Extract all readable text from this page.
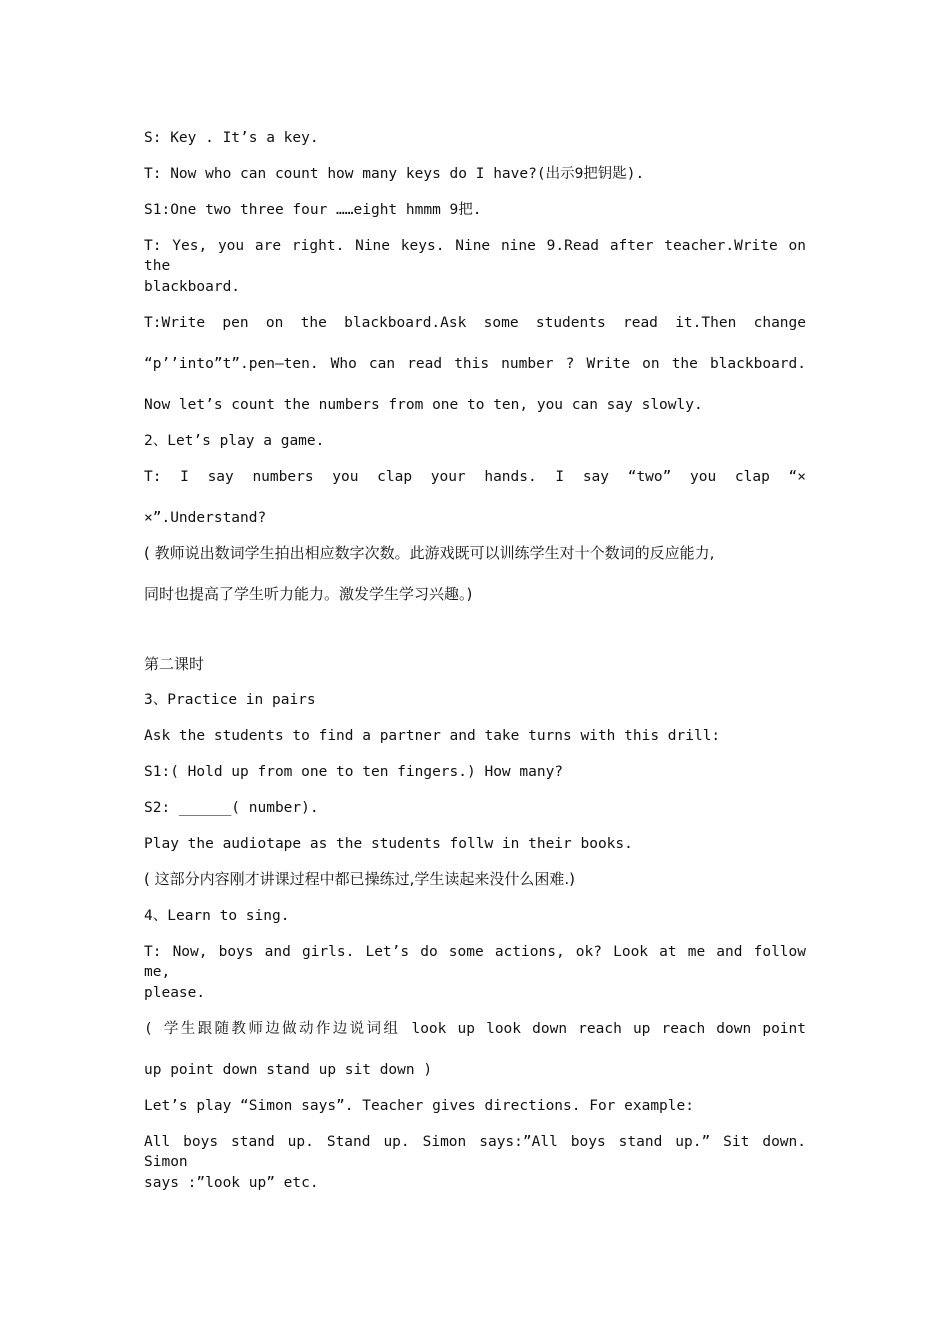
S: Key . It’s a key.
T: Now who can count how many keys do I have?(出示9把钥匙).
S1:One two three four ……eight hmmm 9把.
T: Yes, you are right. Nine keys. Nine nine 9.Read after teacher.Write on the
blackboard.
T:Write pen on the blackboard.Ask some students read it.Then change
“p’’into”t”.pen—ten. Who can read this number ? Write on the blackboard.
Now let’s count the numbers from one to ten, you can say slowly.
2、Let’s play a game.
T: I say numbers you clap your hands. I say “two” you clap “×
×”.Understand?
( 教师说出数词学生拍出相应数字次数。此游戏既可以训练学生对十个数词的反应能力,
同时也提高了学生听力能力。激发学生学习兴趣。)
第二课时
3、Practice in pairs
Ask the students to find a partner and take turns with this drill:
S1:( Hold up from one to ten fingers.) How many?
S2: ______( number).
Play the audiotape as the students follw in their books.
( 这部分内容刚才讲课过程中都已操练过,学生读起来没什么困难.)
4、Learn to sing.
T: Now, boys and girls. Let’s do some actions, ok? Look at me and follow me,
please.
( 学生跟随教师边做动作边说词组 look up look down reach up reach down point
up point down stand up sit down )
Let’s play “Simon says”. Teacher gives directions. For example:
All boys stand up. Stand up. Simon says:”All boys stand up.” Sit down. Simon
says :”look up” etc.
